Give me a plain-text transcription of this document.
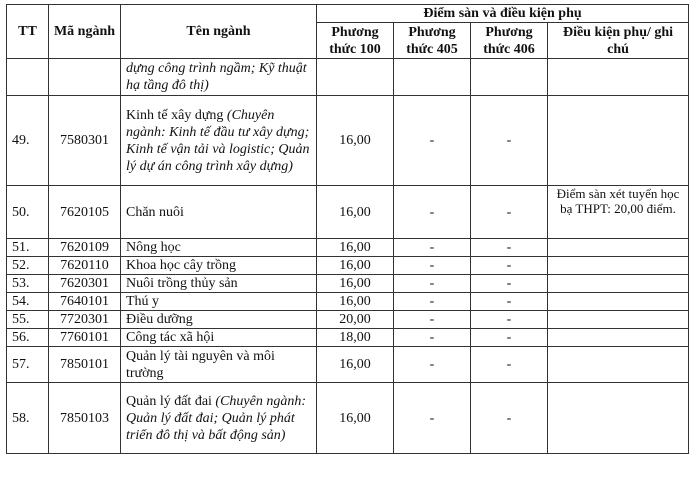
TT	Mã ngành	Tên ngành	Điểm sàn và điều kiện phụ			
			Phương thức 100	Phương thức 405	Phương thức 406	Điều kiện phụ/ ghi chú
		dựng công trình ngầm; Kỹ thuật hạ tầng đô thị)				
49.	7580301	Kinh tế xây dựng (Chuyên ngành: Kinh tế đầu tư xây dựng; Kinh tế vận tải và logistic; Quản lý dự án công trình xây dựng)	16,00	-	-	
50.	7620105	Chăn nuôi	16,00	-	-	Điểm sàn xét tuyển học bạ THPT: 20,00 điểm.
51.	7620109	Nông học	16,00	-	-	
52.	7620110	Khoa học cây trồng	16,00	-	-	
53.	7620301	Nuôi trồng thủy sản	16,00	-	-	
54.	7640101	Thú y	16,00	-	-	
55.	7720301	Điều dưỡng	20,00	-	-	
56.	7760101	Công tác xã hội	18,00	-	-	
57.	7850101	Quản lý tài nguyên và môi trường	16,00	-	-	
58.	7850103	Quản lý đất đai (Chuyên ngành: Quản lý đất đai; Quản lý phát triển đô thị và bất động sản)	16,00	-	-	
